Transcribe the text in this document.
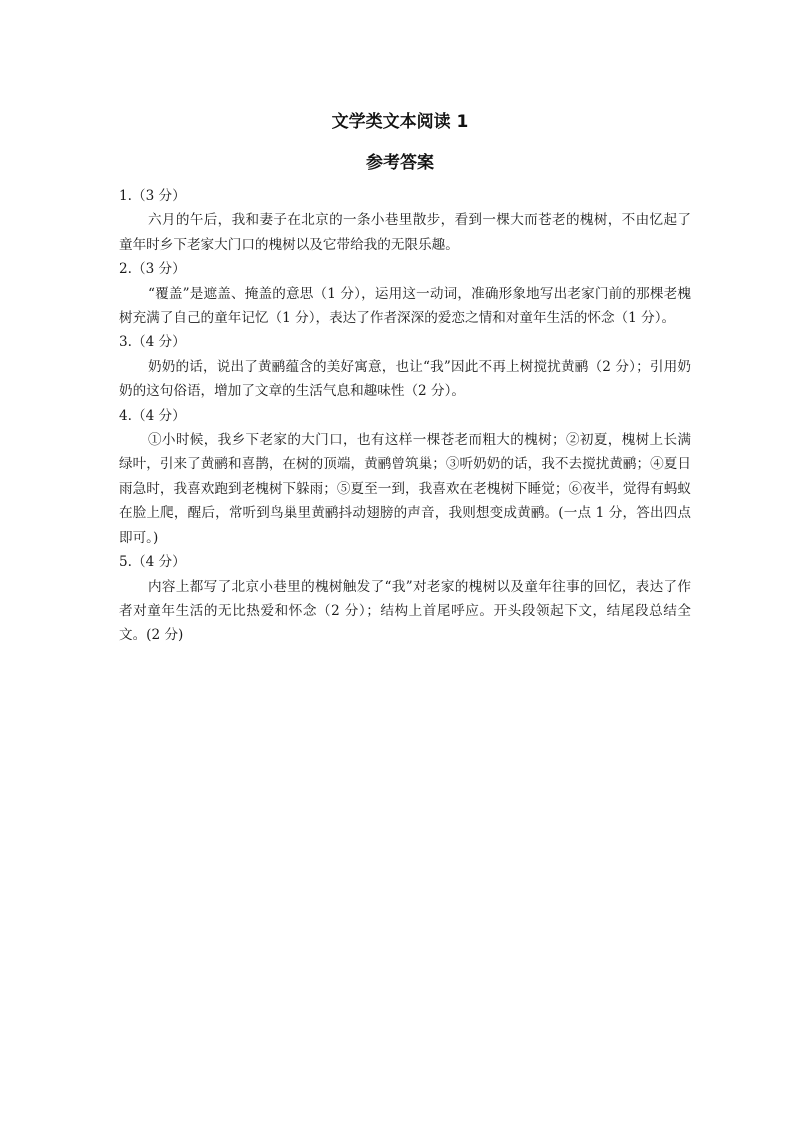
文学类文本阅读 1
参考答案

1.（3 分）

六月的午后，我和妻子在北京的一条小巷里散步，看到一棵大而苍老的槐树，不由忆起了童年时乡下老家大门口的槐树以及它带给我的无限乐趣。

2.（3 分）

“覆盖”是遮盖、掩盖的意思（1 分），运用这一动词，准确形象地写出老家门前的那棵老槐树充满了自己的童年记忆（1 分），表达了作者深深的爱恋之情和对童年生活的怀念（1 分）。

3.（4 分）

奶奶的话，说出了黄鹂蕴含的美好寓意，也让“我”因此不再上树搅扰黄鹂（2 分）；引用奶奶的这句俗语，增加了文章的生活气息和趣味性（2 分）。

4.（4 分）

①小时候，我乡下老家的大门口，也有这样一棵苍老而粗大的槐树；②初夏，槐树上长满绿叶，引来了黄鹂和喜鹊，在树的顶端，黄鹂曾筑巢；③听奶奶的话，我不去搅扰黄鹂；④夏日雨急时，我喜欢跑到老槐树下躲雨；⑤夏至一到，我喜欢在老槐树下睡觉；⑥夜半，觉得有蚂蚁在脸上爬，醒后，常听到鸟巢里黄鹂抖动翅膀的声音，我则想变成黄鹂。(一点 1 分，答出四点即可。)

5.（4 分）

内容上都写了北京小巷里的槐树触发了“我”对老家的槐树以及童年往事的回忆，表达了作者对童年生活的无比热爱和怀念（2 分）；结构上首尾呼应。开头段领起下文，结尾段总结全文。(2 分)
